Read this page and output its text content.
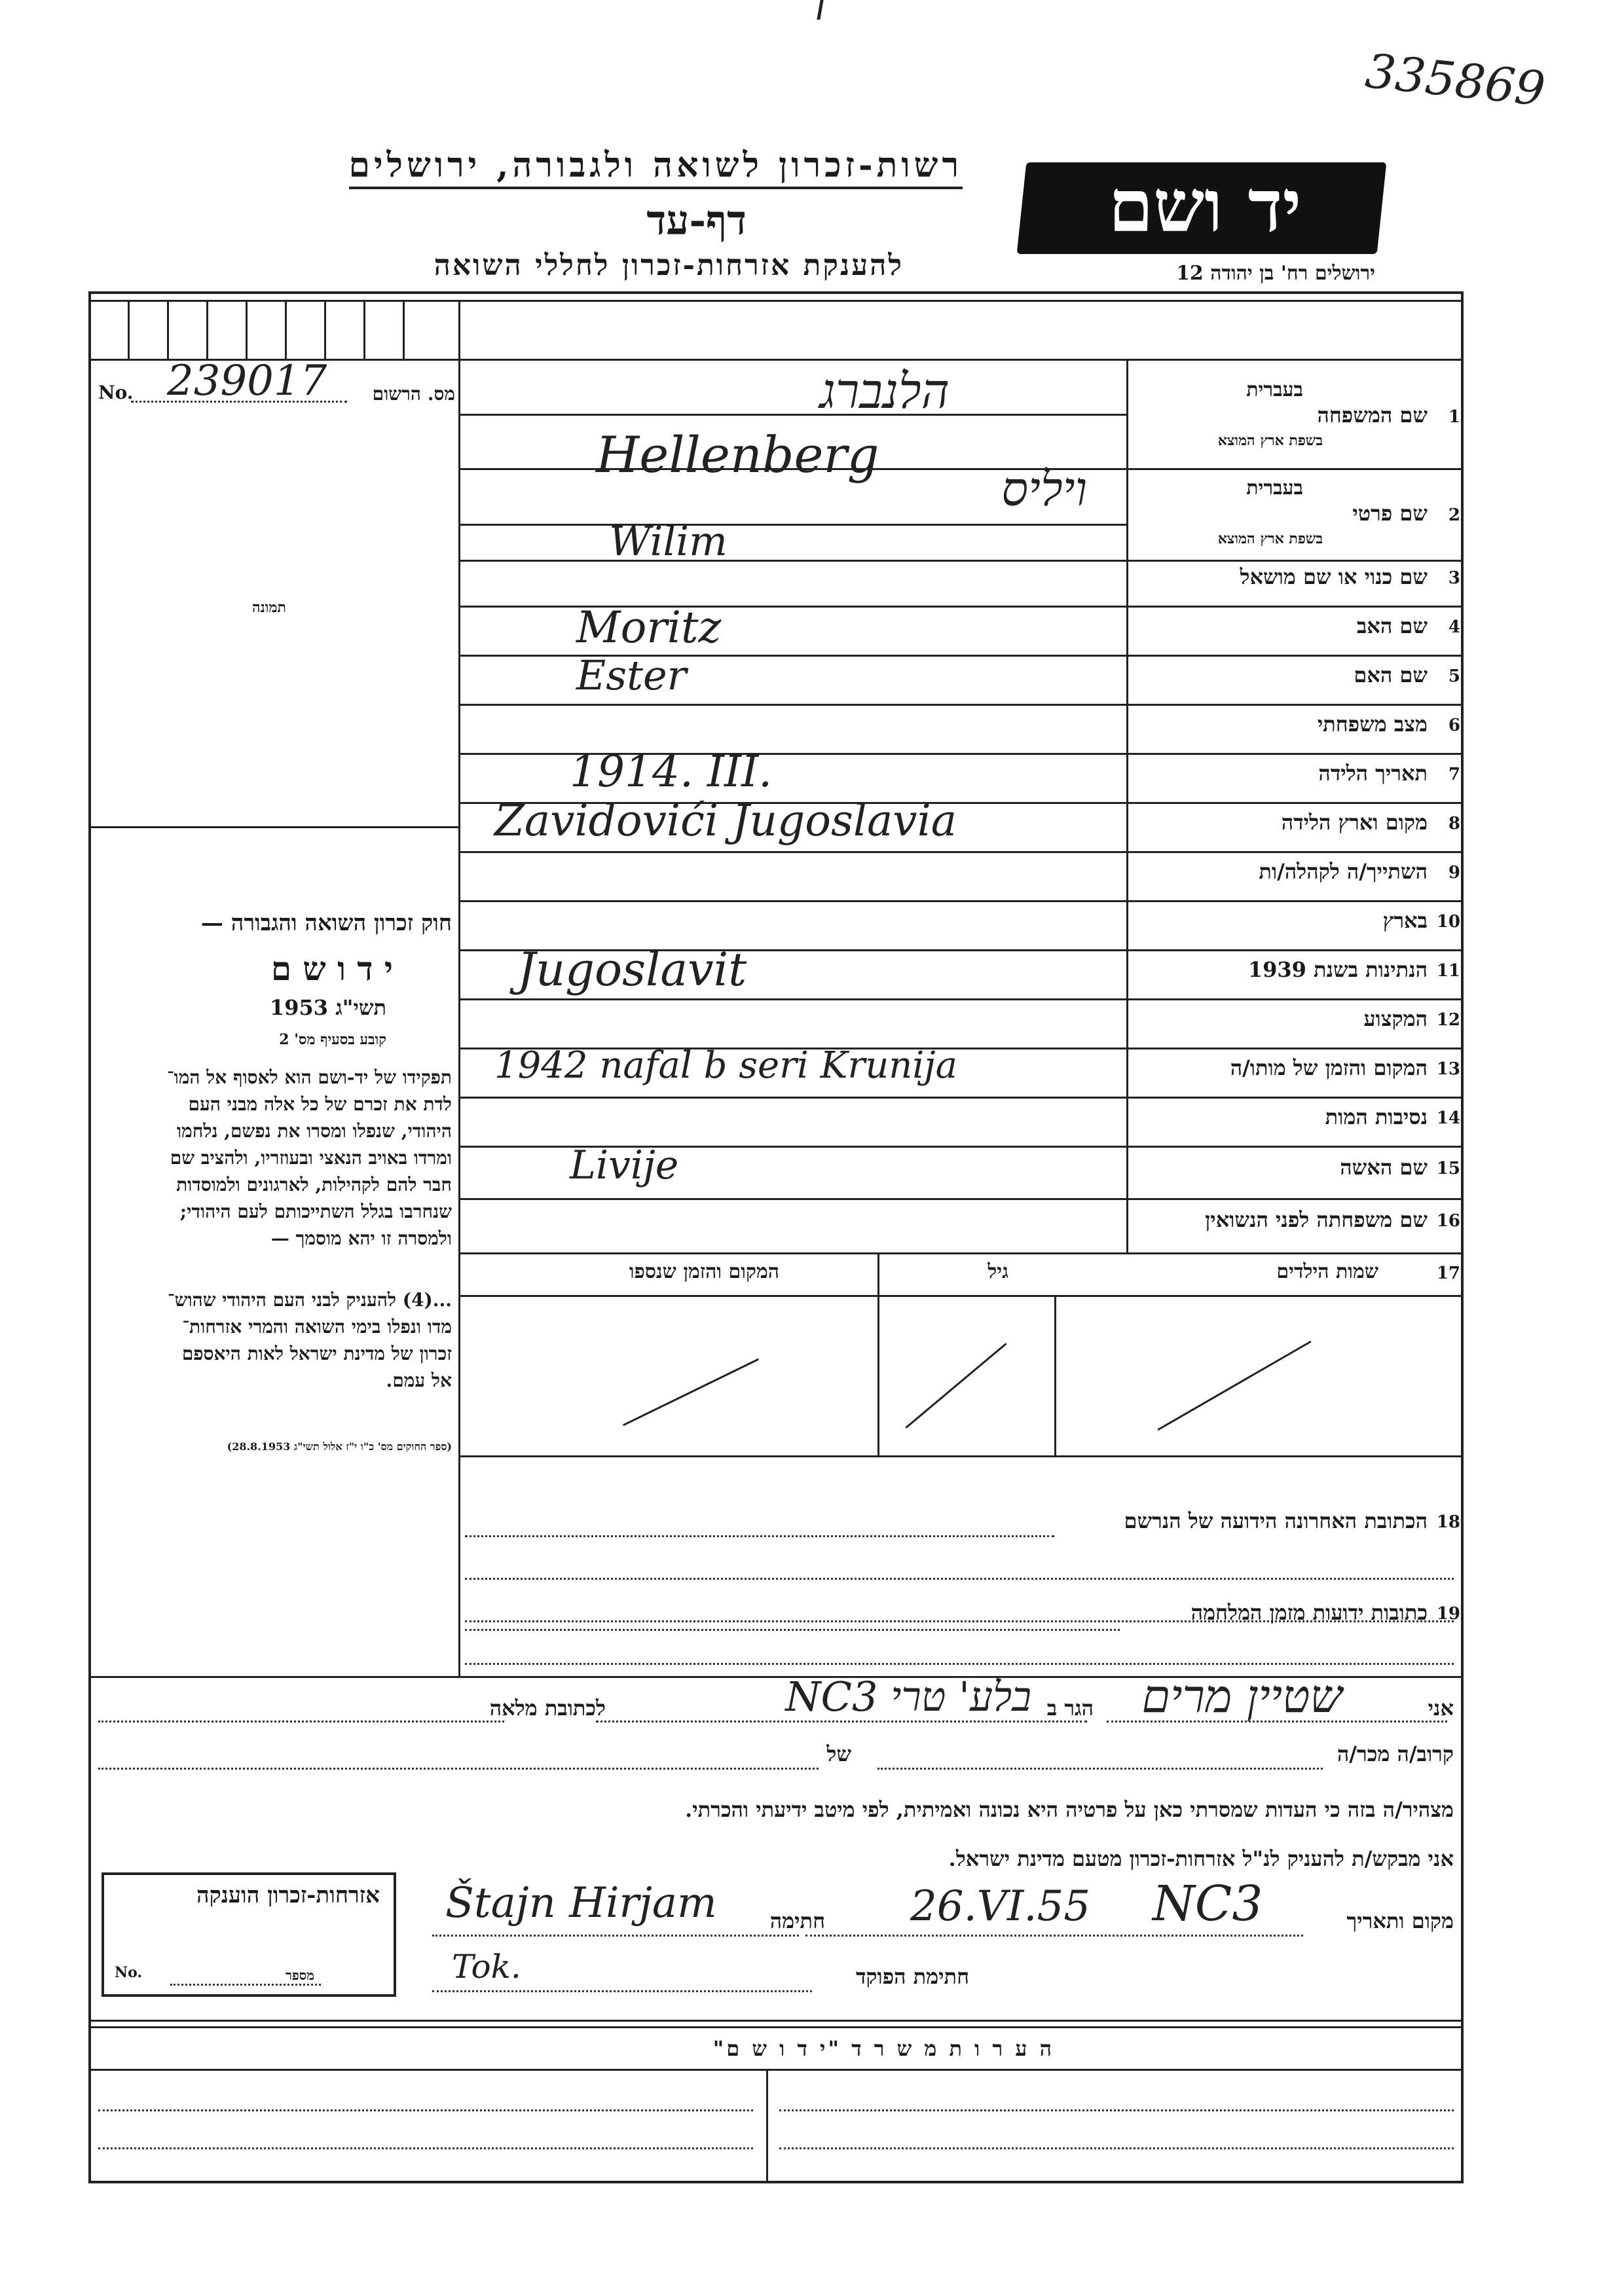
335869
רשות-זכרון לשואה ולגבורה, ירושלים
דף-עד
להענקת אזרחות-זכרון לחללי השואה
יד ושם
ירושלים רח' בן יהודה 12
No. 239017 מס. הרשום
תמונה
חוק זכרון השואה והגבורה —
י ד ו ש ם
תשי"ג 1953
קובע בסעיף מס' 2
תפקידו של יד-ושם הוא לאסוף אל המו־
לדת את זכרם של כל אלה מבני העם
היהודי, שנפלו ומסרו את נפשם, נלחמו
ומרדו באויב הנאצי ובעוזריו, ולהציב שם
חבר להם לקהילות, לארגונים ולמוסדות
שנחרבו בגלל השתייכותם לעם היהודי;
ולמסרה זו יהא מוסמך —
...(4) להעניק לבני העם היהודי שהוש־
מדו ונפלו בימי השואה והמרי אזרחות־
זכרון של מדינת ישראל לאות היאספם
אל עמם.
(ספר החוקים מס' כ"ו י"ז אלול תשי"ג 28.8.1953)
1
שם המשפחה
בעברית
בשפת ארץ המוצא
הלנברג
Hellenberg
2
שם פרטי
בעברית
בשפת ארץ המוצא
ויליס
Wilim
3
שם כנוי או שם מושאל
4
שם האב
Moritz
5
שם האם
Ester
6
מצב משפחתי
7
תאריך הלידה
1914. III.
8
מקום וארץ הלידה
Zavidovići Jugoslavia
9
השתייך/ה לקהלה/ות
10
בארץ
11
הנתינות בשנת 1939
Jugoslavit
12
המקצוע
13
המקום והזמן של מותו/ה
1942 nafal b seri Krunija
14
נסיבות המות
15
שם האשה
Livije
16
שם משפחתה לפני הנשואין
17
שמות הילדים
גיל
המקום והזמן שנספו
18
הכתובת האחרונה הידועה של הנרשם
19
כתובות ידועות מזמן המלחמה
אני
שטיין מרים
הגר ב
NC3 בלע' טרי
לכתובת מלאה
קרוב/ה מכר/ה
של
מצהיר/ה בזה כי העדות שמסרתי כאן על פרטיה היא נכונה ואמיתית, לפי מיטב ידיעתי והכרתי.
אני מבקש/ת להעניק לנ"ל אזרחות-זכרון מטעם מדינת ישראל.
מקום ותאריך
NC3
26.VI.55
חתימה
Štajn Hirjam
חתימת הפוקד
Tok.
אזרחות-זכרון הוענקה
No.	מספר
ה ע ר ו ת מ ש ר ד "י ד ו ש ם"
